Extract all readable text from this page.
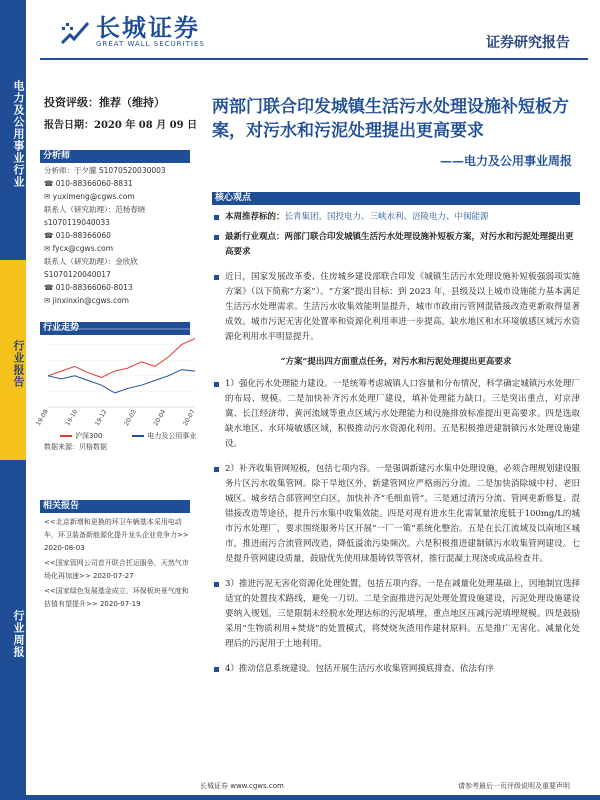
电力及公用事业行业
行业报告
行业周报
长城证券
GREAT WALL SECURITIES	证券研究报告
投资评级：推荐（维持）
报告日期：2020 年 08 月 09 日
两部门联合印发城镇生活污水处理设施补短板方案，对污水和污泥处理提出更高要求
——电力及公用事业周报
分析师
分析师：于夕朦 S1070520030003
☎ 010-88366060-8831
✉ yuximeng@cgws.com
联系人（研究助理）：范杨春晓
s1070119040033
☎ 010-88366060
✉ fycx@cgws.com
联系人（研究助理）：金欣欣
S1070120040017
☎ 010-88366060-8013
✉ jinxinxin@cgws.com
行业走势
19-08 19-10 19-12 20-02 20-04 20-07
沪深300	电力及公用事业
数据来源：贝格数据
相关报告
<<北京新增和更换的环卫车辆基本采用电动车，环卫装备新能源化提升龙头企业竞争力>> 2020-08-03
<<国家管网公司首开联合托运服务，天然气市场化再加速>> 2020-07-27
<<国家绿色发展基金成立，环保板块景气度和估值有望提升>> 2020-07-19
核心观点
本周推荐标的：长青集团、国投电力、三峡水利、涪陵电力、中闽能源
最新行业观点：两部门联合印发城镇生活污水处理设施补短板方案，对污水和污泥处理提出更高要求
近日，国家发展改革委、住房城乡建设部联合印发《城镇生活污水处理设施补短板强弱项实施方案》（以下简称“方案”）。“方案”提出目标：到 2023 年，县级及以上城市设施能力基本满足生活污水处理需求。生活污水收集效能明显提升，城市市政雨污管网混错接改造更新取得显著成效。城市污泥无害化处置率和资源化利用率进一步提高。缺水地区和水环境敏感区域污水资源化利用水平明显提升。
“方案”提出四方面重点任务，对污水和污泥处理提出更高要求
1）强化污水处理能力建设。一是统筹考虑城镇人口容量和分布情况，科学确定城镇污水处理厂的布局、规模。二是加快补齐污水处理厂建设，填补处理能力缺口。三是突出重点，对京津冀、长江经济带、黄河流域等重点区域污水处理能力和设施排放标准提出更高要求。四是选取缺水地区、水环境敏感区域，积极推动污水资源化利用。五是积极推进建制镇污水处理设施建设。
2）补齐收集管网短板，包括七项内容。一是强调新建污水集中处理设施，必须合理规划建设服务片区污水收集管网。除干旱地区外，新建管网应严格雨污分流。二是加快消除城中村、老旧城区、城乡结合部管网空白区，加快补齐“毛细血管”。三是通过清污分流、管网更新修复、混错接改造等途径，提升污水集中收集效能。四是对现有进水生化需氧量浓度低于100mg/L的城市污水处理厂，要求围绕服务片区开展“一厂一策”系统化整治。五是在长江流域及以南地区城市，推进雨污合流管网改造，降低溢流污染频次。六是积极推进建制镇污水收集管网建设。七是提升管网建设质量，鼓励优先使用球墨铸铁等管材，推行混凝土现浇或成品检查井。
3）推进污泥无害化资源化处理处置，包括五项内容。一是在减量化处理基础上，因地制宜选择适宜的处置技术路线，避免一刀切。二是全面推进污泥处理处置设施建设，污泥处理设施建设要纳入规划。三是限制未经脱水处理达标的污泥填埋，重点地区压减污泥填埋规模。四是鼓励采用“生物质利用+焚烧”的处置模式，将焚烧灰渣用作建材原料。五是推广无害化、减量化处理后的污泥用于土地利用。
4）推动信息系统建设。包括开展生活污水收集管网摸底排查、依法有序
长城证券 www.cgws.com	请参考最后一页评级说明及重要声明
